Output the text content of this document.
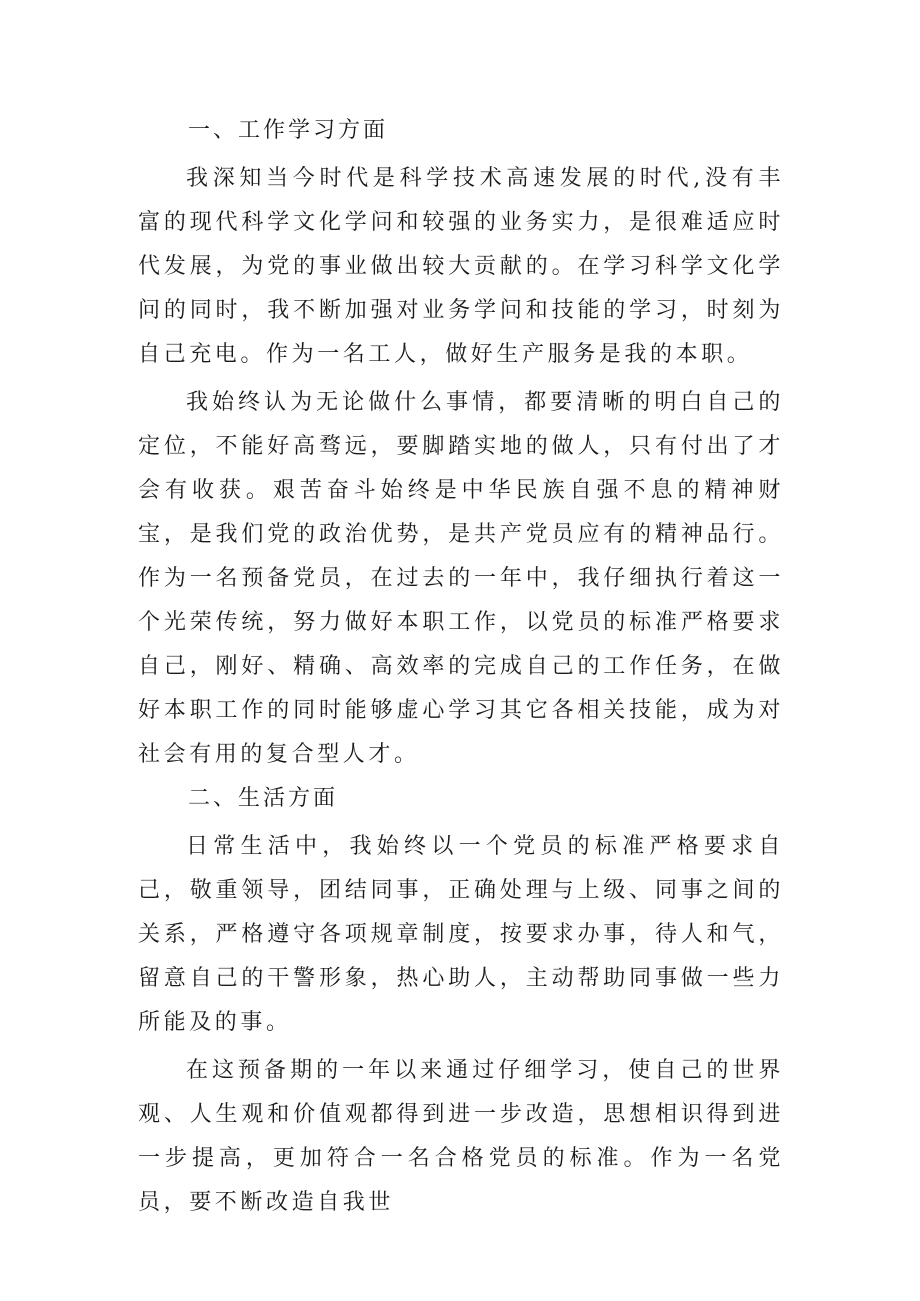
一、工作学习方面

我深知当今时代是科学技术高速发展的时代,没有丰富的现代科学文化学问和较强的业务实力，是很难适应时代发展，为党的事业做出较大贡献的。在学习科学文化学问的同时，我不断加强对业务学问和技能的学习，时刻为自己充电。作为一名工人，做好生产服务是我的本职。

我始终认为无论做什么事情，都要清晰的明白自己的定位，不能好高骛远，要脚踏实地的做人，只有付出了才会有收获。艰苦奋斗始终是中华民族自强不息的精神财宝，是我们党的政治优势，是共产党员应有的精神品行。作为一名预备党员，在过去的一年中，我仔细执行着这一个光荣传统，努力做好本职工作，以党员的标准严格要求自己，刚好、精确、高效率的完成自己的工作任务，在做好本职工作的同时能够虚心学习其它各相关技能，成为对社会有用的复合型人才。

二、生活方面

日常生活中，我始终以一个党员的标准严格要求自己，敬重领导，团结同事，正确处理与上级、同事之间的关系，严格遵守各项规章制度，按要求办事，待人和气，留意自己的干警形象，热心助人，主动帮助同事做一些力所能及的事。

在这预备期的一年以来通过仔细学习，使自己的世界观、人生观和价值观都得到进一步改造，思想相识得到进一步提高，更加符合一名合格党员的标准。作为一名党员，要不断改造自我世
